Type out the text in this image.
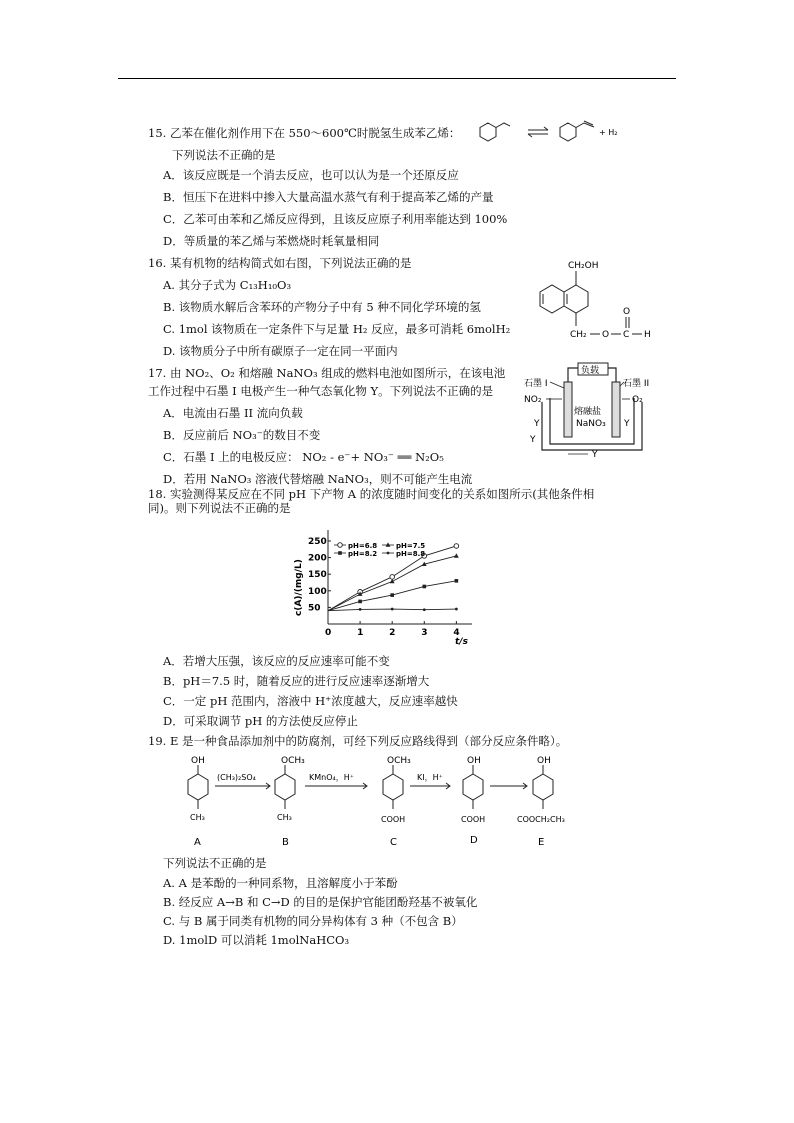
15. 乙苯在催化剂作用下在 550～600℃时脱氢生成苯乙烯：	+ H₂
下列说法不正确的是
A．该反应既是一个消去反应，也可以认为是一个还原反应
B．恒压下在进料中掺入大量高温水蒸气有利于提高苯乙烯的产量
C．乙苯可由苯和乙烯反应得到，且该反应原子利用率能达到 100%
D．等质量的苯乙烯与苯燃烧时耗氧量相同
16. 某有机物的结构简式如右图，下列说法正确的是
A. 其分子式为 C₁₃H₁₀O₃
B. 该物质水解后含苯环的产物分子中有 5 种不同化学环境的氢
C. 1mol 该物质在一定条件下与足量 H₂ 反应，最多可消耗 6molH₂
D. 该物质分子中所有碳原子一定在同一平面内
CH₂OH
CH₂ O C
O
H
17. 由 NO₂、O₂ 和熔融 NaNO₃ 组成的燃料电池如图所示，在该电池
工作过程中石墨 I 电极产生一种气态氧化物 Y。下列说法不正确的是
A．电流由石墨 II 流向负载
B．反应前后 NO₃⁻的数目不变
C．石墨 I 上的电极反应： NO₂ - e⁻+ NO₃⁻ ══ N₂O₅
D．若用 NaNO₃ 溶液代替熔融 NaNO₃，则不可能产生电流
负载
石墨 I	石墨 II
NO₂	O₂
Y
Y
Y
熔融盐
NaNO₃
Y
18. 实验测得某反应在不同 pH 下产物 A 的浓度随时间变化的关系如图所示(其他条件相
同)。则下列说法不正确的是
c(A)/(mg/L)
t/s
0	1	2	3	4
50
100
150
200
250	pH=6.8	pH=7.5
pH=8.2	pH=8.8
A．若增大压强，该反应的反应速率可能不变
B．pH＝7.5 时，随着反应的进行反应速率逐渐增大
C．一定 pH 范围内，溶液中 H⁺浓度越大，反应速率越快
D．可采取调节 pH 的方法使反应停止
19. E 是一种食品添加剂中的防腐剂，可经下列反应路线得到（部分反应条件略）。
OH
CH₃
A
(CH₃)₂SO₄
OCH₃
CH₃
B
KMnO₄，H⁺
OCH₃
COOH
C
KI，H⁺
OH
COOH
D
OH
COOCH₂CH₃
E
下列说法不正确的是
A. A 是苯酚的一种同系物，且溶解度小于苯酚
B. 经反应 A→B 和 C→D 的目的是保护官能团酚羟基不被氧化
C. 与 B 属于同类有机物的同分异构体有 3 种（不包含 B）
D. 1molD 可以消耗 1molNaHCO₃
